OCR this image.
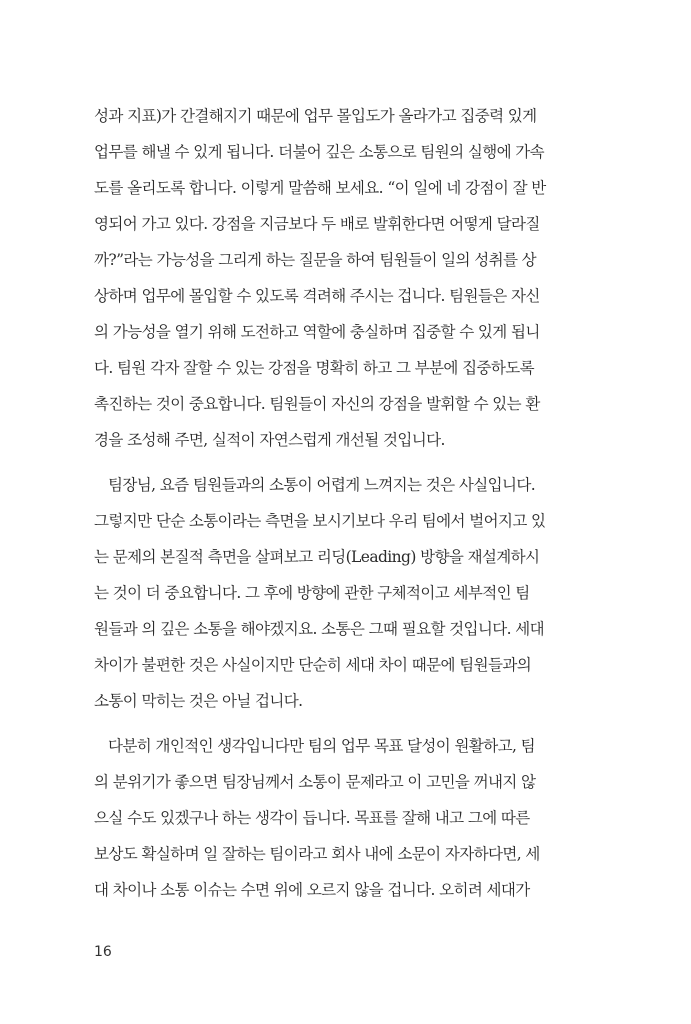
성과 지표)가 간결해지기 때문에 업무 몰입도가 올라가고 집중력 있게
업무를 해낼 수 있게 됩니다. 더불어 깊은 소통으로 팀원의 실행에 가속
도를 올리도록 합니다. 이렇게 말씀해 보세요. “이 일에 네 강점이 잘 반
영되어 가고 있다. 강점을 지금보다 두 배로 발휘한다면 어떻게 달라질
까?”라는 가능성을 그리게 하는 질문을 하여 팀원들이 일의 성취를 상
상하며 업무에 몰입할 수 있도록 격려해 주시는 겁니다. 팀원들은 자신
의 가능성을 열기 위해 도전하고 역할에 충실하며 집중할 수 있게 됩니
다. 팀원 각자 잘할 수 있는 강점을 명확히 하고 그 부분에 집중하도록
촉진하는 것이 중요합니다. 팀원들이 자신의 강점을 발휘할 수 있는 환
경을 조성해 주면, 실적이 자연스럽게 개선될 것입니다.
팀장님, 요즘 팀원들과의 소통이 어렵게 느껴지는 것은 사실입니다.
그렇지만 단순 소통이라는 측면을 보시기보다 우리 팀에서 벌어지고 있
는 문제의 본질적 측면을 살펴보고 리딩(Leading) 방향을 재설계하시
는 것이 더 중요합니다. 그 후에 방향에 관한 구체적이고 세부적인 팀
원들과 의 깊은 소통을 해야겠지요. 소통은 그때 필요할 것입니다. 세대
차이가 불편한 것은 사실이지만 단순히 세대 차이 때문에 팀원들과의
소통이 막히는 것은 아닐 겁니다.
다분히 개인적인 생각입니다만 팀의 업무 목표 달성이 원활하고, 팀
의 분위기가 좋으면 팀장님께서 소통이 문제라고 이 고민을 꺼내지 않
으실 수도 있겠구나 하는 생각이 듭니다. 목표를 잘해 내고 그에 따른
보상도 확실하며 일 잘하는 팀이라고 회사 내에 소문이 자자하다면, 세
대 차이나 소통 이슈는 수면 위에 오르지 않을 겁니다. 오히려 세대가
16
